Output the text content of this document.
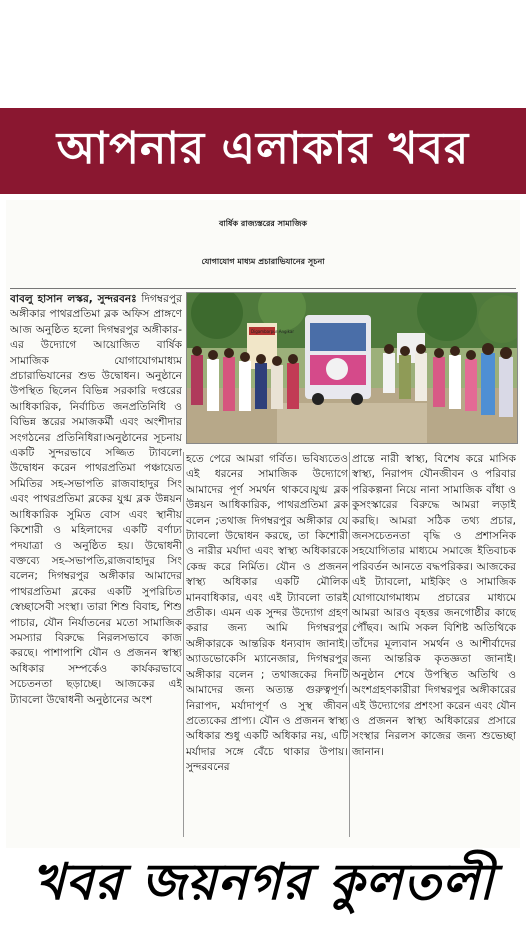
আপনার এলাকার খবর
বার্ষিক রাজ্যস্তরের সামাজিক
যোগাযোগ মাধ্যম প্রচারাভিযানের সূচনা

বাবলু হাসান লস্কর, সুন্দরবনঃ দিগম্বরপুর অঙ্গীকার পাথরপ্রতিমা ব্লক অফিস প্রাঙ্গণে আজ অনুষ্ঠিত হলো দিগম্বরপুর অঙ্গীকার-এর উদ্যোগে আয়োজিত বার্ষিক সামাজিক যোগাযোগমাধ্যম প্রচারাভিযানের শুভ উদ্বোধন। অনুষ্ঠানে উপস্থিত ছিলেন বিভিন্ন সরকারি দপ্তরের আধিকারিক, নির্বাচিত জনপ্রতিনিধি ও বিভিন্ন স্তরের সমাজকর্মী এবং অংশীদার সংগঠনের প্রতিনিধিরা।অনুষ্ঠানের সূচনায় একটি সুন্দরভাবে সজ্জিত ট্যাবলো উদ্বোধন করেন পাথরপ্রতিমা পঞ্চায়েত সমিতির সহ-সভাপতি রাজবাহাদুর সিং এবং পাথরপ্রতিমা ব্লকের যুগ্ম ব্লক উন্নয়ন আধিকারিক সুমিত বোস এবং স্থানীয় কিশোরী ও মহিলাদের একটি বর্ণাঢ্য পদযাত্রা ও অনুষ্ঠিত হয়। উদ্বোধনী বক্তব্যে সহ-সভাপতি,রাজবাহাদুর সিং বলেন; দিগম্বরপুর অঙ্গীকার আমাদের পাথরপ্রতিমা ব্লকের একটি সুপরিচিত স্বেচ্ছাসেবী সংস্থা। তারা শিশু বিবাহ, শিশু পাচার, যৌন নির্যাতনের মতো সামাজিক সমস্যার বিরুদ্ধে নিরলসভাবে কাজ করছে। পাশাপাশি যৌন ও প্রজনন স্বাস্থ্য অধিকার সম্পর্কেও কার্যকরভাবে সচেতনতা ছড়াচ্ছে। আজকের এই ট্যাবলো উদ্বোধনী অনুষ্ঠানের অংশ

Digambarpur Angikar

হতে পেরে আমরা গর্বিত। ভবিষ্যতেও এই ধরনের সামাজিক উদ্যোগে আমাদের পূর্ণ সমর্থন থাকবে।যুগ্ম ব্লক উন্নয়ন আধিকারিক, পাথরপ্রতিমা ব্লক বলেন ;তথাজ দিগম্বরপুর অঙ্গীকার যে ট্যাবলো উদ্বোধন করছে, তা কিশোরী ও নারীর মর্যাদা এবং স্বাস্থ্য অধিকারকে কেন্দ্র করে নির্মিত। যৌন ও প্রজনন স্বাস্থ্য অধিকার একটি মৌলিক মানবাধিকার, এবং এই ট্যাবলো তারই প্রতীক। এমন এক সুন্দর উদ্যোগ গ্রহণ করার জন্য আমি দিগম্বরপুর অঙ্গীকারকে আন্তরিক ধন্যবাদ জানাই।অ্যাডভোকেসি ম্যানেজার, দিগম্বরপুর অঙ্গীকার বলেন ; তথাজকের দিনটি আমাদের জন্য অত্যন্ত গুরুত্বপূর্ণ। নিরাপদ, মর্যাদাপূর্ণ ও সুস্থ জীবন প্রত্যেকের প্রাপ্য। যৌন ও প্রজনন স্বাস্থ্য অধিকার শুধু একটি অধিকার নয়, এটি মর্যাদার সঙ্গে বেঁচে থাকার উপায়। সুন্দরবনের

প্রান্তে নারী স্বাস্থ্য, বিশেষ করে মাসিক স্বাস্থ্য, নিরাপদ যৌনজীবন ও পরিবার পরিকল্পনা নিয়ে নানা সামাজিক বাঁধা ও কুসংস্কারের বিরুদ্ধে আমরা লড়াই করছি। আমরা সঠিক তথ্য প্রচার, জনসচেতনতা বৃদ্ধি ও প্রশাসনিক সহযোগিতার মাধ্যমে সমাজে ইতিবাচক পরিবর্তন আনতে বদ্ধপরিকর। আজকের এই ট্যাবলো, মাইকিং ও সামাজিক যোগাযোগমাধ্যম প্রচারের মাধ্যমে আমরা আরও বৃহত্তর জনগোষ্ঠীর কাছে পৌঁছব। আমি সকল বিশিষ্ট অতিথিকে তাঁদের মূল্যবান সমর্থন ও আশীর্বাদের জন্য আন্তরিক কৃতজ্ঞতা জানাই। অনুষ্ঠান শেষে উপস্থিত অতিথি ও অংশগ্রহণকারীরা দিগম্বরপুর অঙ্গীকারের এই উদ্যোগের প্রশংসা করেন এবং যৌন ও প্রজনন স্বাস্থ্য অধিকারের প্রসারে সংস্থার নিরলস কাজের জন্য শুভেচ্ছা জানান।

খবর জয়নগর কুলতলী
